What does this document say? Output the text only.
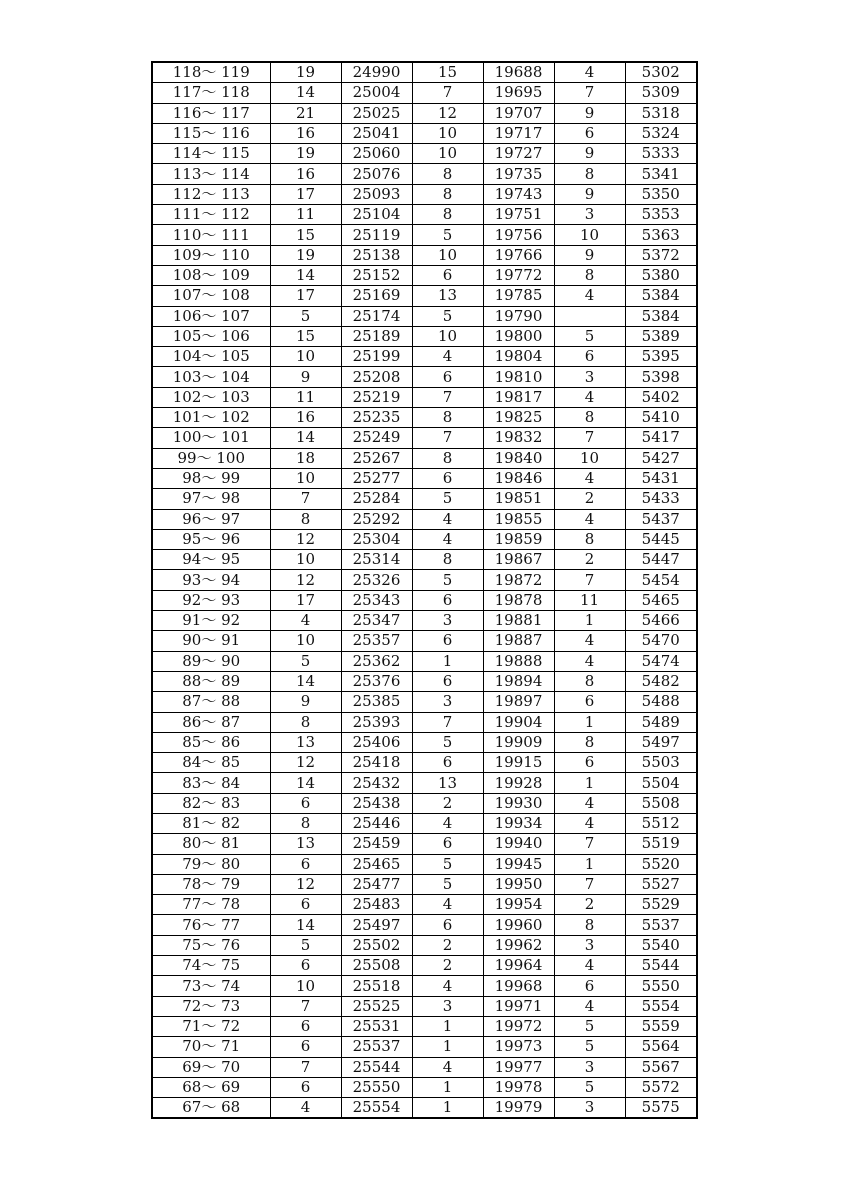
118～ 119	19	24990	15	19688	4	5302
117～ 118	14	25004	7	19695	7	5309
116～ 117	21	25025	12	19707	9	5318
115～ 116	16	25041	10	19717	6	5324
114～ 115	19	25060	10	19727	9	5333
113～ 114	16	25076	8	19735	8	5341
112～ 113	17	25093	8	19743	9	5350
111～ 112	11	25104	8	19751	3	5353
110～ 111	15	25119	5	19756	10	5363
109～ 110	19	25138	10	19766	9	5372
108～ 109	14	25152	6	19772	8	5380
107～ 108	17	25169	13	19785	4	5384
106～ 107	5	25174	5	19790		5384
105～ 106	15	25189	10	19800	5	5389
104～ 105	10	25199	4	19804	6	5395
103～ 104	9	25208	6	19810	3	5398
102～ 103	11	25219	7	19817	4	5402
101～ 102	16	25235	8	19825	8	5410
100～ 101	14	25249	7	19832	7	5417
99～ 100	18	25267	8	19840	10	5427
98～ 99	10	25277	6	19846	4	5431
97～ 98	7	25284	5	19851	2	5433
96～ 97	8	25292	4	19855	4	5437
95～ 96	12	25304	4	19859	8	5445
94～ 95	10	25314	8	19867	2	5447
93～ 94	12	25326	5	19872	7	5454
92～ 93	17	25343	6	19878	11	5465
91～ 92	4	25347	3	19881	1	5466
90～ 91	10	25357	6	19887	4	5470
89～ 90	5	25362	1	19888	4	5474
88～ 89	14	25376	6	19894	8	5482
87～ 88	9	25385	3	19897	6	5488
86～ 87	8	25393	7	19904	1	5489
85～ 86	13	25406	5	19909	8	5497
84～ 85	12	25418	6	19915	6	5503
83～ 84	14	25432	13	19928	1	5504
82～ 83	6	25438	2	19930	4	5508
81～ 82	8	25446	4	19934	4	5512
80～ 81	13	25459	6	19940	7	5519
79～ 80	6	25465	5	19945	1	5520
78～ 79	12	25477	5	19950	7	5527
77～ 78	6	25483	4	19954	2	5529
76～ 77	14	25497	6	19960	8	5537
75～ 76	5	25502	2	19962	3	5540
74～ 75	6	25508	2	19964	4	5544
73～ 74	10	25518	4	19968	6	5550
72～ 73	7	25525	3	19971	4	5554
71～ 72	6	25531	1	19972	5	5559
70～ 71	6	25537	1	19973	5	5564
69～ 70	7	25544	4	19977	3	5567
68～ 69	6	25550	1	19978	5	5572
67～ 68	4	25554	1	19979	3	5575
